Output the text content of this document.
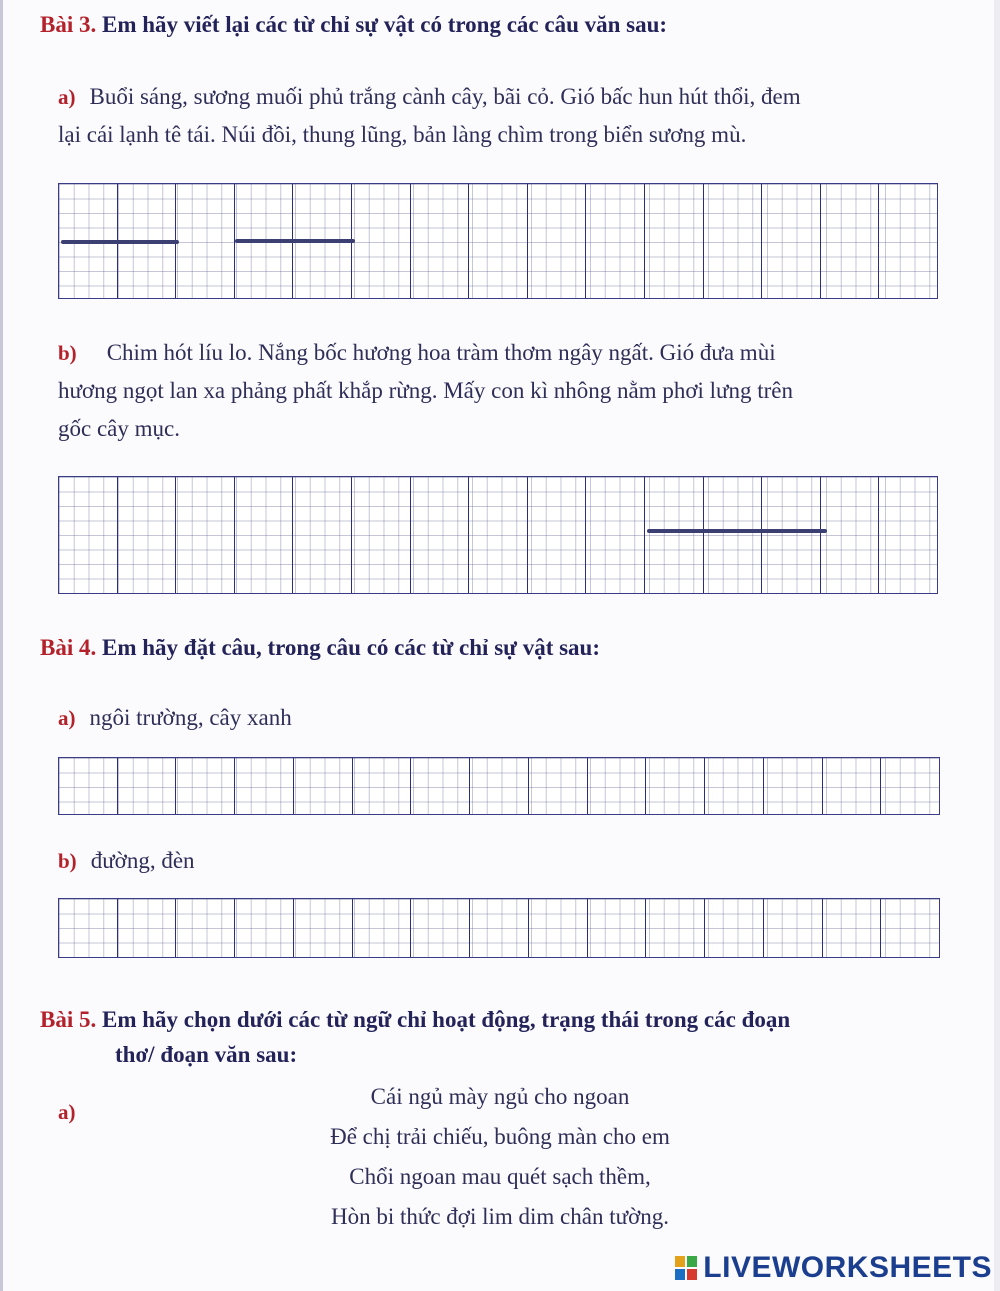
Bài 3. Em hãy viết lại các từ chỉ sự vật có trong các câu văn sau:
a) Buổi sáng, sương muối phủ trắng cành cây, bãi cỏ. Gió bấc hun hút thổi, đem
lại cái lạnh tê tái. Núi đồi, thung lũng, bản làng chìm trong biển sương mù.
b) Chim hót líu lo. Nắng bốc hương hoa tràm thơm ngây ngất. Gió đưa mùi
hương ngọt lan xa phảng phất khắp rừng. Mấy con kì nhông nằm phơi lưng trên
gốc cây mục.
Bài 4. Em hãy đặt câu, trong câu có các từ chỉ sự vật sau:
a) ngôi trường, cây xanh
b) đường, đèn
Bài 5. Em hãy chọn dưới các từ ngữ chỉ hoạt động, trạng thái trong các đoạn
thơ/ đoạn văn sau:
a)
Cái ngủ mày ngủ cho ngoan
Để chị trải chiếu, buông màn cho em
Chổi ngoan mau quét sạch thềm,
Hòn bi thức đợi lim dim chân tường.
LIVEWORKSHEETS
